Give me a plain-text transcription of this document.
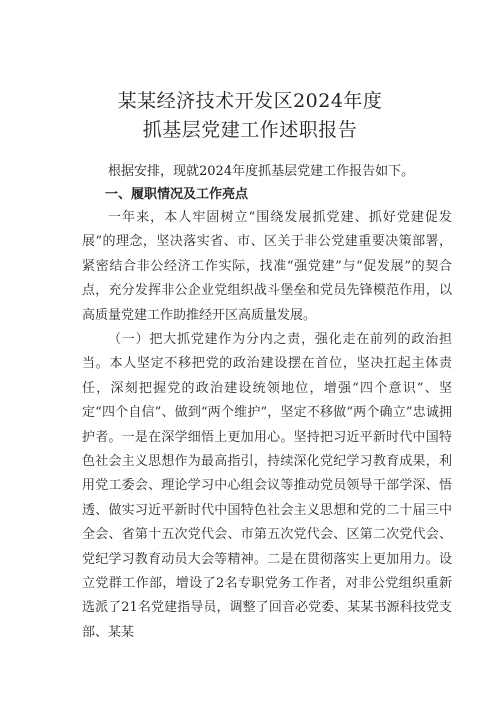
某某经济技术开发区2024年度
抓基层党建工作述职报告
根据安排，现就2024年度抓基层党建工作报告如下。
一、履职情况及工作亮点

一年来，本人牢固树立“围绕发展抓党建、抓好党建促发展”的理念，坚决落实省、市、区关于非公党建重要决策部署，紧密结合非公经济工作实际，找准“强党建”与“促发展”的契合点，充分发挥非公企业党组织战斗堡垒和党员先锋模范作用，以高质量党建工作助推经开区高质量发展。

（一）把大抓党建作为分内之责，强化走在前列的政治担当。本人坚定不移把党的政治建设摆在首位，坚决扛起主体责任，深刻把握党的政治建设统领地位，增强“四个意识”、坚定“四个自信”、做到“两个维护”，坚定不移做“两个确立”忠诚拥护者。一是在深学细悟上更加用心。坚持把习近平新时代中国特色社会主义思想作为最高指引，持续深化党纪学习教育成果，利用党工委会、理论学习中心组会议等推动党员领导干部学深、悟透、做实习近平新时代中国特色社会主义思想和党的二十届三中全会、省第十五次党代会、市第五次党代会、区第二次党代会、党纪学习教育动员大会等精神。二是在贯彻落实上更加用力。设立党群工作部，增设了2名专职党务工作者，对非公党组织重新选派了21名党建指导员，调整了回音必党委、某某书源科技党支部、某某
